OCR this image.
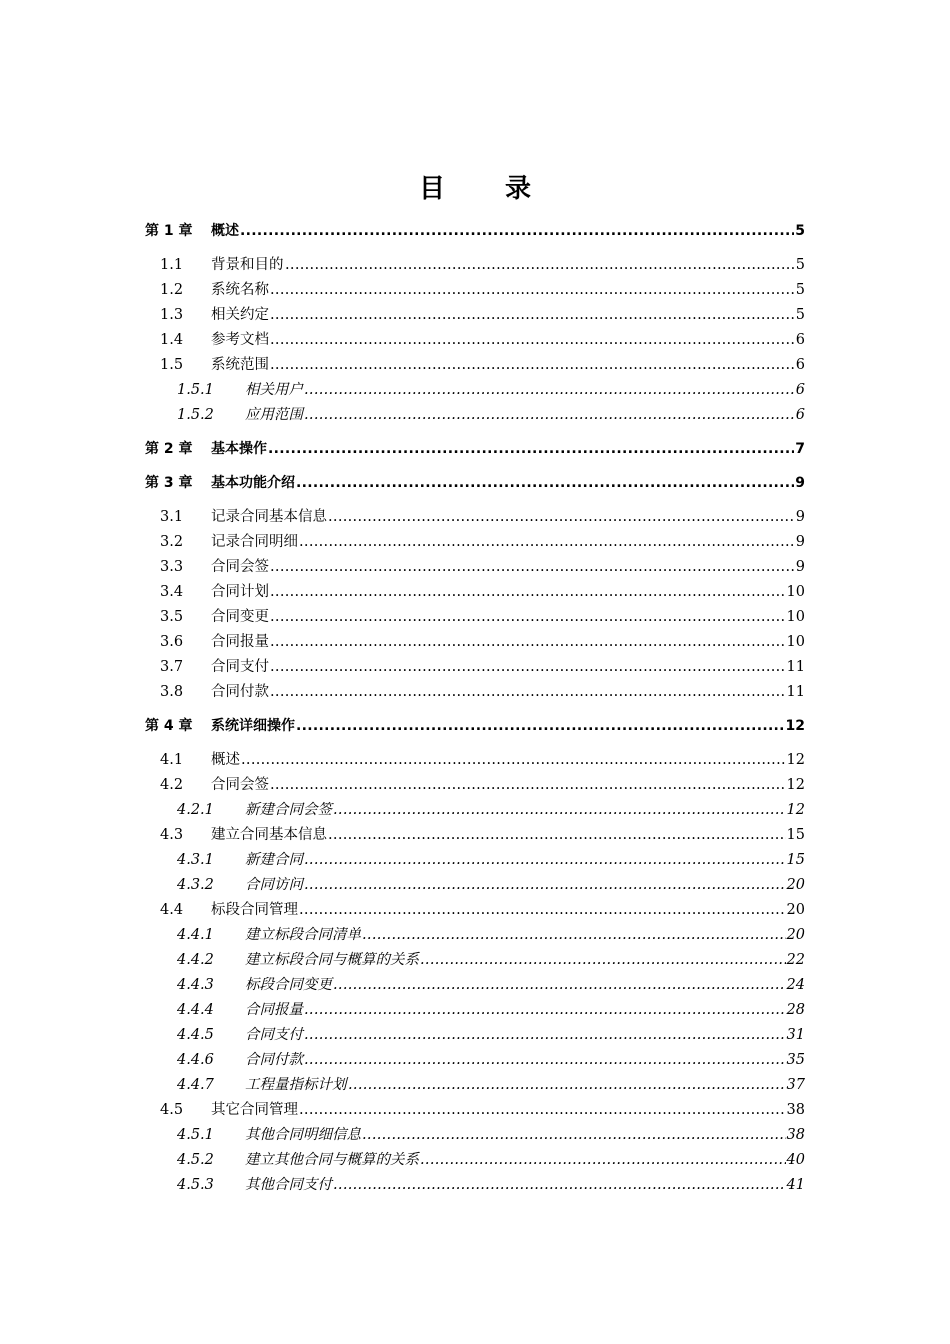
目 录
第 1 章 概述 .....	5
1.1 背景和目的 .....	5
1.2 系统名称 .....	5
1.3 相关约定 .....	5
1.4 参考文档 .....	6
1.5 系统范围 .....	6
1.5.1 相关用户 .....	6
1.5.2 应用范围 .....	6
第 2 章 基本操作 .....	7
第 3 章 基本功能介绍 .....	9
3.1 记录合同基本信息 .....	9
3.2 记录合同明细 .....	9
3.3 合同会签 .....	9
3.4 合同计划 .....	10
3.5 合同变更 .....	10
3.6 合同报量 .....	10
3.7 合同支付 .....	11
3.8 合同付款 .....	11
第 4 章 系统详细操作 .....	12
4.1 概述 .....	12
4.2 合同会签 .....	12
4.2.1 新建合同会签 .....	12
4.3 建立合同基本信息 .....	15
4.3.1 新建合同 .....	15
4.3.2 合同访问 .....	20
4.4 标段合同管理 .....	20
4.4.1 建立标段合同清单 .....	20
4.4.2 建立标段合同与概算的关系 .....	22
4.4.3 标段合同变更 .....	24
4.4.4 合同报量 .....	28
4.4.5 合同支付 .....	31
4.4.6 合同付款 .....	35
4.4.7 工程量指标计划 .....	37
4.5 其它合同管理 .....	38
4.5.1 其他合同明细信息 .....	38
4.5.2 建立其他合同与概算的关系 .....	40
4.5.3 其他合同支付 .....	41
